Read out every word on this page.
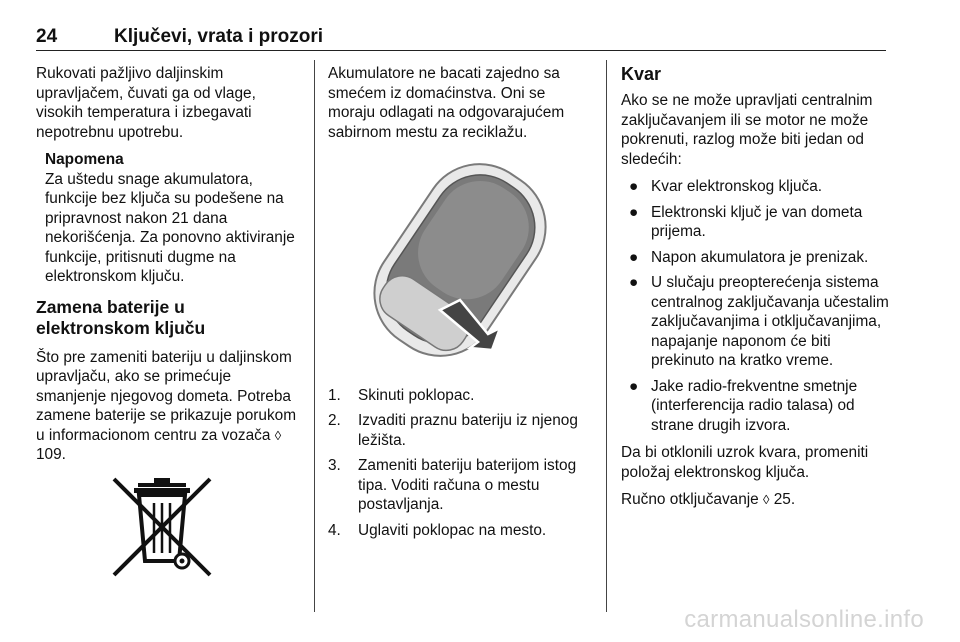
24	Ključevi, vrata i prozori

Rukovati pažljivo daljinskim upravljačem, čuvati ga od vlage, visokih temperatura i izbegavati nepotrebnu upotrebu.

Napomena
Za uštedu snage akumulatora, funkcije bez ključa su podešene na pripravnost nakon 21 dana nekorišćenja. Za ponovno aktiviranje funkcije, pritisnuti dugme na elektronskom ključu.
Zamena baterije u elektronskom ključu

Što pre zameniti bateriju u daljinskom upravljaču, ako se primećuje smanjenje njegovog dometa. Potreba zamene baterije se prikazuje porukom u informacionom centru za vozača ◊ 109.

Akumulatore ne bacati zajedno sa smećem iz domaćinstva. Oni se moraju odlagati na odgovarajućem sabirnom mestu za reciklažu.

1. Skinuti poklopac.
2. Izvaditi praznu bateriju iz njenog ležišta.
3. Zameniti bateriju baterijom istog tipa. Voditi računa o mestu postavljanja.
4. Uglaviti poklopac na mesto.
Kvar

Ako se ne može upravljati centralnim zaključavanjem ili se motor ne može pokrenuti, razlog može biti jedan od sledećih:

● Kvar elektronskog ključa.
● Elektronski ključ je van dometa prijema.
● Napon akumulatora je prenizak.
● U slučaju preopterećenja sistema centralnog zaključavanja učestalim zaključavanjima i otključavanjima, napajanje naponom će biti prekinuto na kratko vreme.
● Jake radio-frekventne smetnje (interferencija radio talasa) od strane drugih izvora.

Da bi otklonili uzrok kvara, promeniti položaj elektronskog ključa.

Ručno otključavanje ◊ 25.

carmanualsonline.info
